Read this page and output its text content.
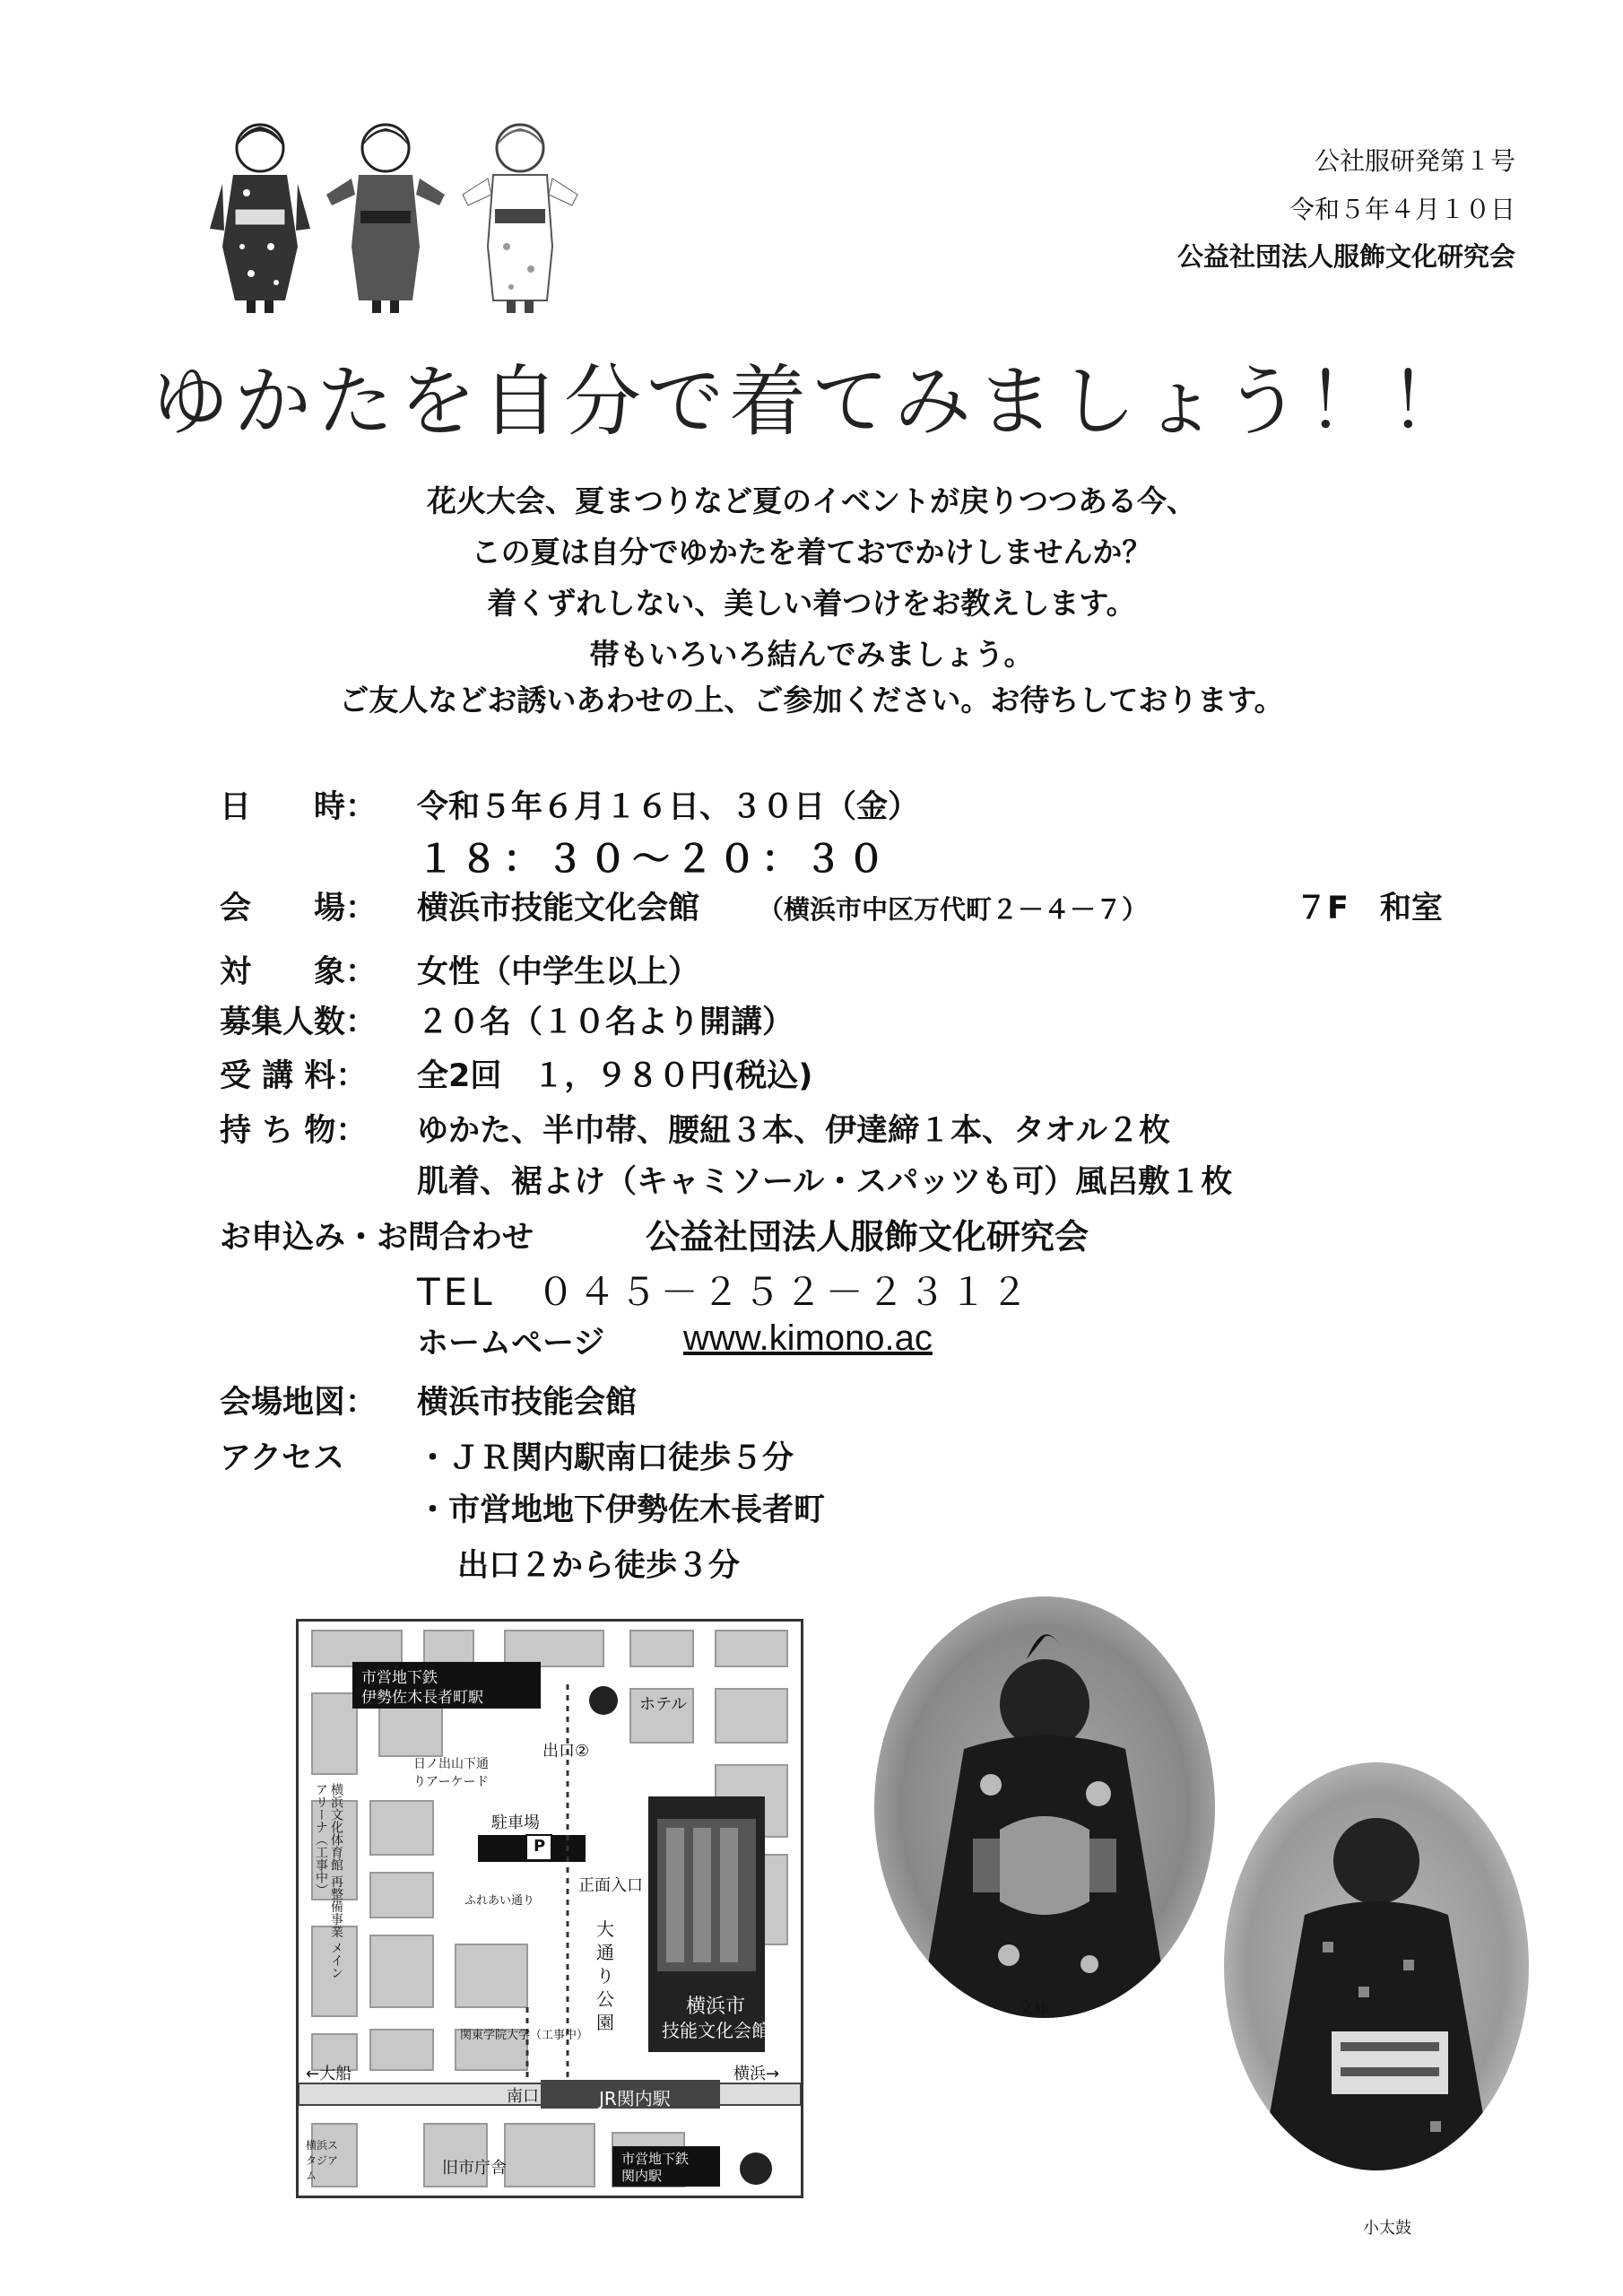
公社服研発第１号
令和５年４月１０日
公益社団法人服飾文化研究会
ゆかたを自分で着てみましょう！！
花火大会、夏まつりなど夏のイベントが戻りつつある今、
この夏は自分でゆかたを着ておでかけしませんか？
着くずれしない、美しい着つけをお教えします。
帯もいろいろ結んでみましょう。
ご友人などお誘いあわせの上、ご参加ください。お待ちしております。
日　　時：	令和５年６月１６日、３０日（金）
１８：３０～２０：３０
会　　場：	横浜市技能文化会館 （横浜市中区万代町２－４－７）	７F　和室
対　　象：	女性（中学生以上）
募集人数：	２０名（１０名より開講）
受 講 料：	全2回　１，９８０円(税込)
持 ち 物：	ゆかた、半巾帯、腰紐３本、伊達締１本、タオル２枚
肌着、裾よけ（キャミソール・スパッツも可）風呂敷１枚
お申込み・お問合わせ	公益社団法人服飾文化研究会
TEL　０４５－２５２－２３１２
ホームページ www.kimono.ac
会場地図：	横浜市技能会館
アクセス	・ＪＲ関内駅南口徒歩５分
・市営地地下伊勢佐木長者町
出口２から徒歩３分
市営地下鉄
伊勢佐木長者町駅	ホテル
出口②
日ノ出山下通りアーケード
駐車場
P
正面入口
横浜市
技能文化会館
大通り公園
横浜文化体育館 再整備事業 メインアリーナ（工事中）
ふれあい通り
関東学院大学（工事中）
←大船	横浜→
南口	JR関内駅
旧市庁舎	市営地下鉄
関内駅
横浜スタジアム
文庫
小太鼓
